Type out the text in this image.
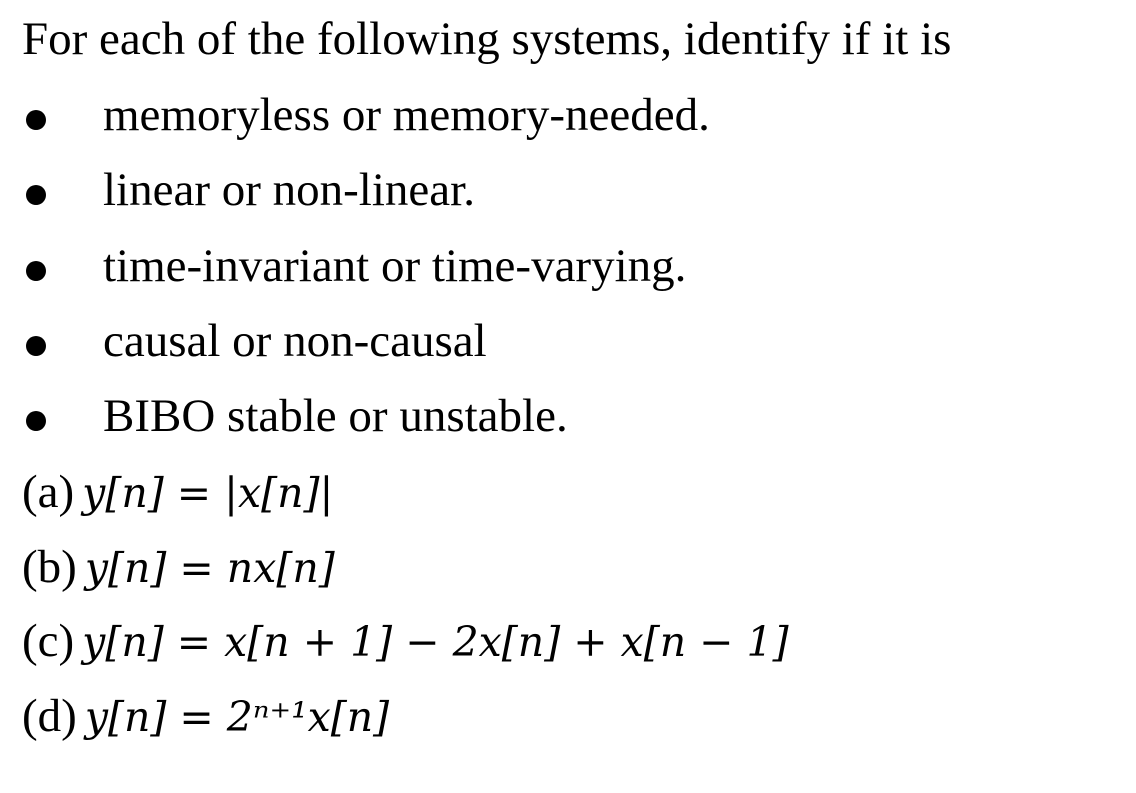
For each of the following systems, identify if it is
memoryless or memory-needed.
linear or non-linear.
time-invariant or time-varying.
causal or non-causal
BIBO stable or unstable.
(a) y[n] = |x[n]|
(b) y[n] = nx[n]
(c) y[n] = x[n + 1] − 2x[n] + x[n − 1]
(d) y[n] = 2ⁿ⁺¹x[n]
